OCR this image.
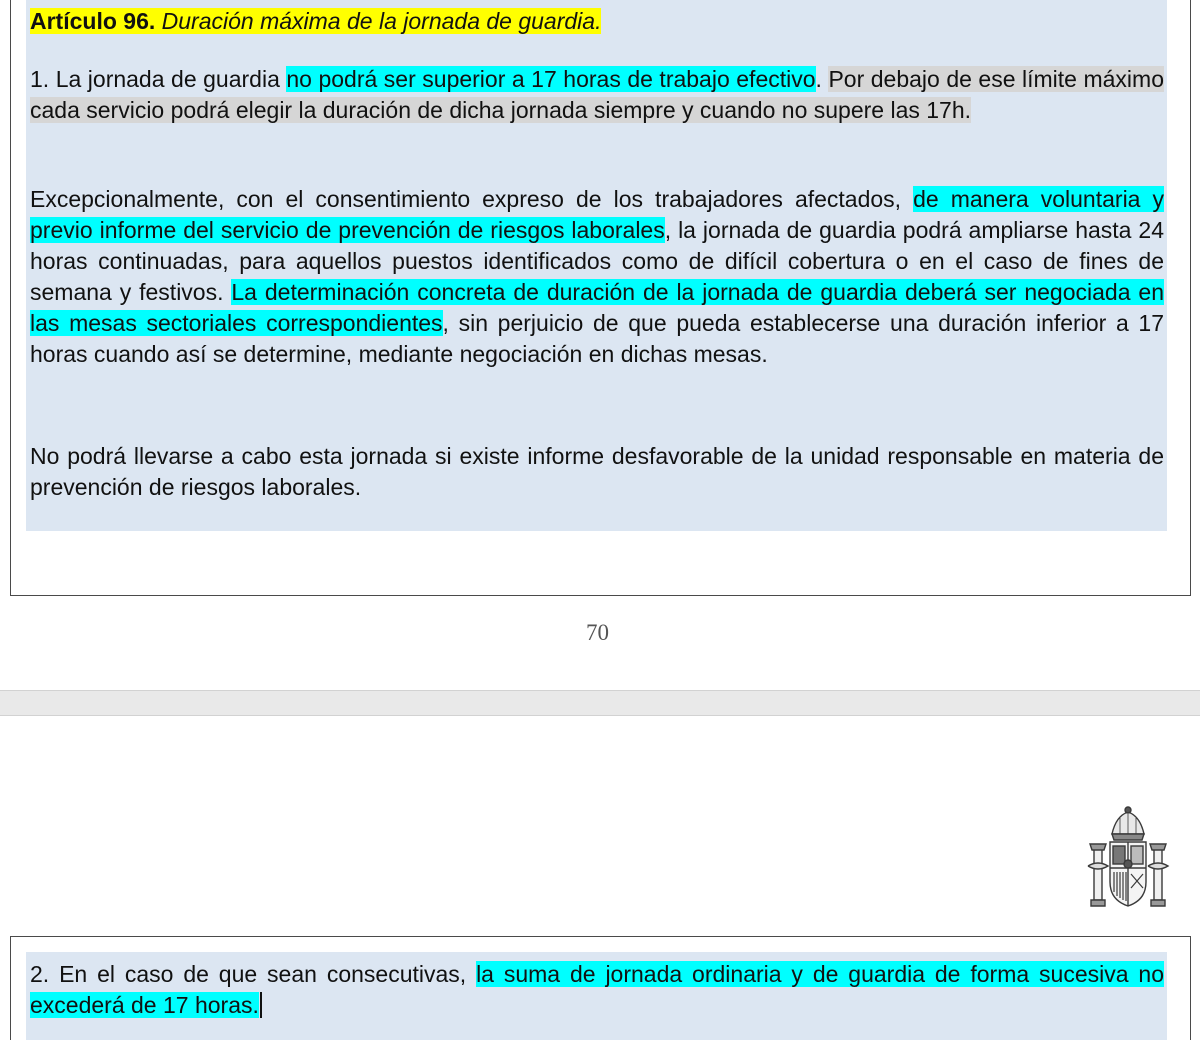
Artículo 96. Duración máxima de la jornada de guardia.
1. La jornada de guardia no podrá ser superior a 17 horas de trabajo efectivo. Por debajo de ese límite máximo cada servicio podrá elegir la duración de dicha jornada siempre y cuando no supere las 17h.
Excepcionalmente, con el consentimiento expreso de los trabajadores afectados, de manera voluntaria y previo informe del servicio de prevención de riesgos laborales, la jornada de guardia podrá ampliarse hasta 24 horas continuadas, para aquellos puestos identificados como de difícil cobertura o en el caso de fines de semana y festivos. La determinación concreta de duración de la jornada de guardia deberá ser negociada en las mesas sectoriales correspondientes, sin perjuicio de que pueda establecerse una duración inferior a 17 horas cuando así se determine, mediante negociación en dichas mesas.
No podrá llevarse a cabo esta jornada si existe informe desfavorable de la unidad responsable en materia de prevención de riesgos laborales.
70
2. En el caso de que sean consecutivas, la suma de jornada ordinaria y de guardia de forma sucesiva no excederá de 17 horas.
